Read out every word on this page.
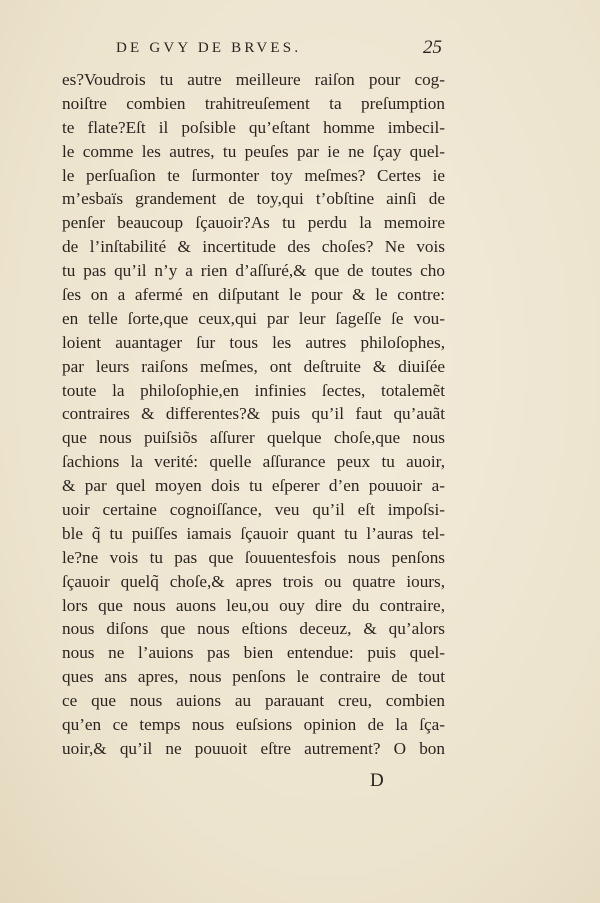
DE GVY DE BRVES.	25
es?Voudrois tu autre meilleure raiſon pour cog-
noiſtre combien trahitreuſement ta preſumption
te flate?Eſt il poſsible qu’eſtant homme imbecil-
le comme les autres, tu peuſes par ie ne ſçay quel-
le perſuaſion te ſurmonter toy meſmes? Certes ie
m’esbaïs grandement de toy,qui t’obſtine ainſi de
penſer beaucoup ſçauoir?As tu perdu la memoire
de l’inſtabilité & incertitude des choſes? Ne vois
tu pas qu’il n’y a rien d’aſſuré,& que de toutes cho
ſes on a afermé en diſputant le pour & le contre:
en telle ſorte,que ceux,qui par leur ſageſſe ſe vou-
loient auantager ſur tous les autres philoſophes,
par leurs raiſons meſmes, ont deſtruite & diuiſée
toute la philoſophie,en infinies ſectes, totalemẽt
contraires & differentes?& puis qu’il faut qu’auãt
que nous puiſsiõs aſſurer quelque choſe,que nous
ſachions la verité: quelle aſſurance peux tu auoir,
& par quel moyen dois tu eſperer d’en pouuoir a-
uoir certaine cognoiſſance, veu qu’il eſt impoſsi-
ble q̃ tu puiſſes iamais ſçauoir quant tu l’auras tel-
le?ne vois tu pas que ſouuentesfois nous penſons
ſçauoir quelq̃ choſe,& apres trois ou quatre iours,
lors que nous auons leu,ou ouy dire du contraire,
nous diſons que nous eſtions deceuz, & qu’alors
nous ne l’auions pas bien entendue: puis quel-
ques ans apres, nous penſons le contraire de tout
ce que nous auions au parauant creu, combien
qu’en ce temps nous euſsions opinion de la ſça-
uoir,& qu’il ne pouuoit eſtre autrement? O bon
D
